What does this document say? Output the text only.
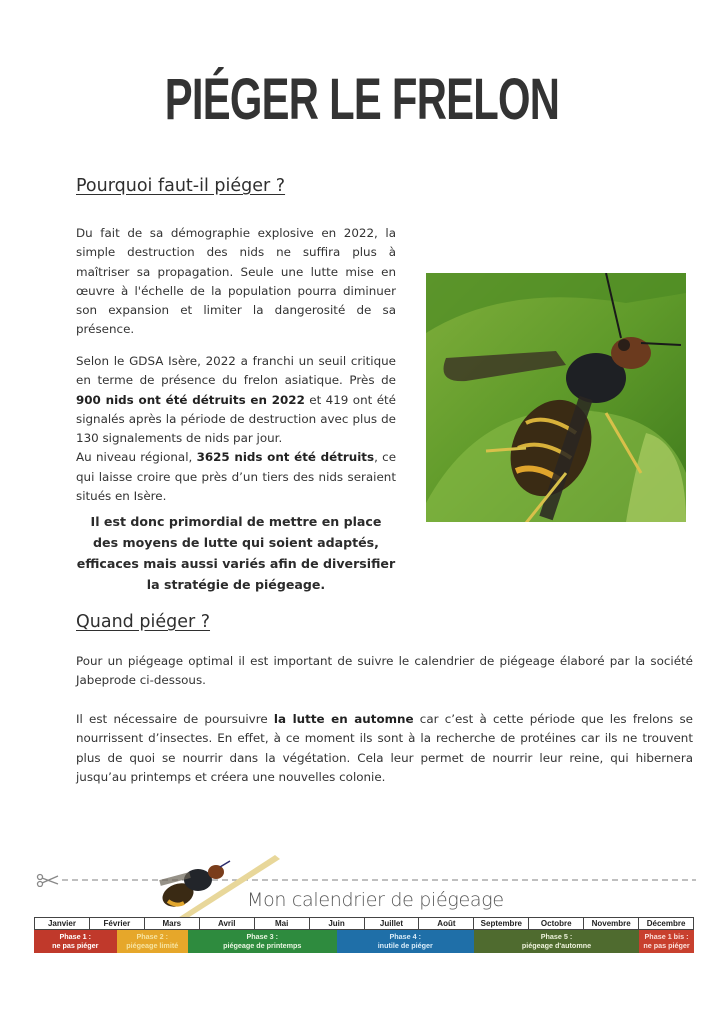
PIÉGER LE FRELON
Pourquoi faut-il piéger ?

Du fait de sa démographie explosive en 2022, la simple destruction des nids ne suffira plus à maîtriser sa propagation. Seule une lutte mise en œuvre à l'échelle de la population pourra diminuer son expansion et limiter la dangerosité de sa présence.

Selon le GDSA Isère, 2022 a franchi un seuil critique en terme de présence du frelon asiatique. Près de 900 nids ont été détruits en 2022 et 419 ont été signalés après la période de destruction avec plus de 130 signalements de nids par jour.
Au niveau régional, 3625 nids ont été détruits, ce qui laisse croire que près d’un tiers des nids seraient situés en Isère.

Il est donc primordial de mettre en place des moyens de lutte qui soient adaptés, efficaces mais aussi variés afin de diversifier la stratégie de piégeage.

Quand piéger ?

Pour un piégeage optimal il est important de suivre le calendrier de piégeage élaboré par la société Jabeprode ci-dessous.

Il est nécessaire de poursuivre la lutte en automne car c’est à cette période que les frelons se nourrissent d’insectes. En effet, à ce moment ils sont à la recherche de protéines car ils ne trouvent plus de quoi se nourrir dans la végétation. Cela leur permet de nourrir leur reine, qui hibernera jusqu’au printemps et créera une nouvelles colonie.

Mon calendrier de piégeage
Janvier	Février	Mars	Avril	Mai	Juin	Juillet	Août	Septembre	Octobre	Novembre	Décembre
Phase 1 :
ne pas piéger
Phase 2 :
piégeage limité
Phase 3 :
piégeage de printemps
Phase 4 :
inutile de piéger
Phase 5 :
piégeage d'automne
Phase 1 bis :
ne pas piéger
